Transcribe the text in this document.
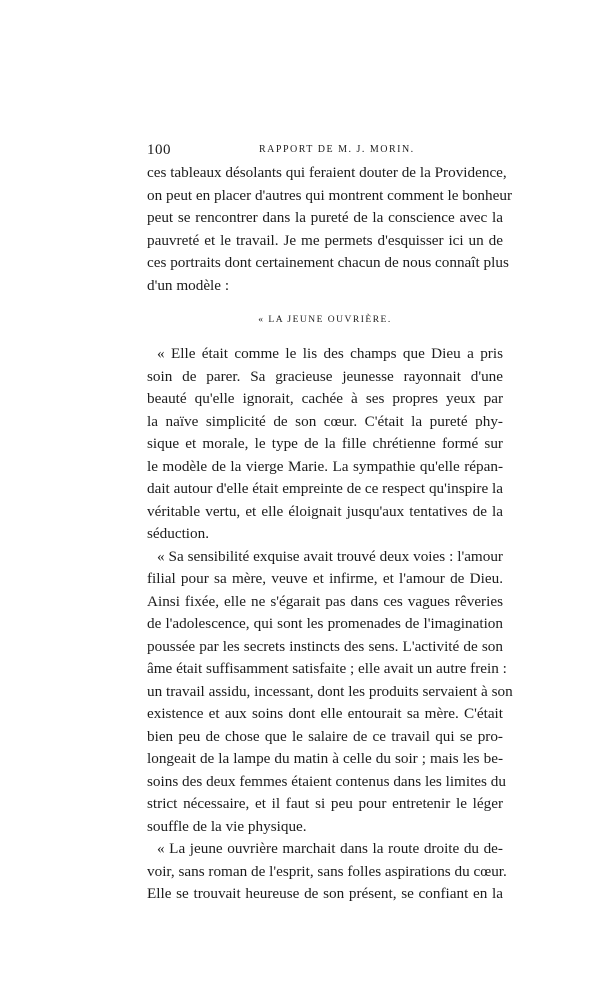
100	RAPPORT DE M. J. MORIN.
ces tableaux désolants qui feraient douter de la Providence,
on peut en placer d'autres qui montrent comment le bonheur
peut se rencontrer dans la pureté de la conscience avec la
pauvreté et le travail. Je me permets d'esquisser ici un de
ces portraits dont certainement chacun de nous connaît plus
d'un modèle :
« LA JEUNE OUVRIÈRE.
« Elle était comme le lis des champs que Dieu a pris
soin de parer. Sa gracieuse jeunesse rayonnait d'une
beauté qu'elle ignorait, cachée à ses propres yeux par
la naïve simplicité de son cœur. C'était la pureté phy-
sique et morale, le type de la fille chrétienne formé sur
le modèle de la vierge Marie. La sympathie qu'elle répan-
dait autour d'elle était empreinte de ce respect qu'inspire la
véritable vertu, et elle éloignait jusqu'aux tentatives de la
séduction.
« Sa sensibilité exquise avait trouvé deux voies : l'amour
filial pour sa mère, veuve et infirme, et l'amour de Dieu.
Ainsi fixée, elle ne s'égarait pas dans ces vagues rêveries
de l'adolescence, qui sont les promenades de l'imagination
poussée par les secrets instincts des sens. L'activité de son
âme était suffisamment satisfaite ; elle avait un autre frein :
un travail assidu, incessant, dont les produits servaient à son
existence et aux soins dont elle entourait sa mère. C'était
bien peu de chose que le salaire de ce travail qui se pro-
longeait de la lampe du matin à celle du soir ; mais les be-
soins des deux femmes étaient contenus dans les limites du
strict nécessaire, et il faut si peu pour entretenir le léger
souffle de la vie physique.
« La jeune ouvrière marchait dans la route droite du de-
voir, sans roman de l'esprit, sans folles aspirations du cœur.
Elle se trouvait heureuse de son présent, se confiant en la
